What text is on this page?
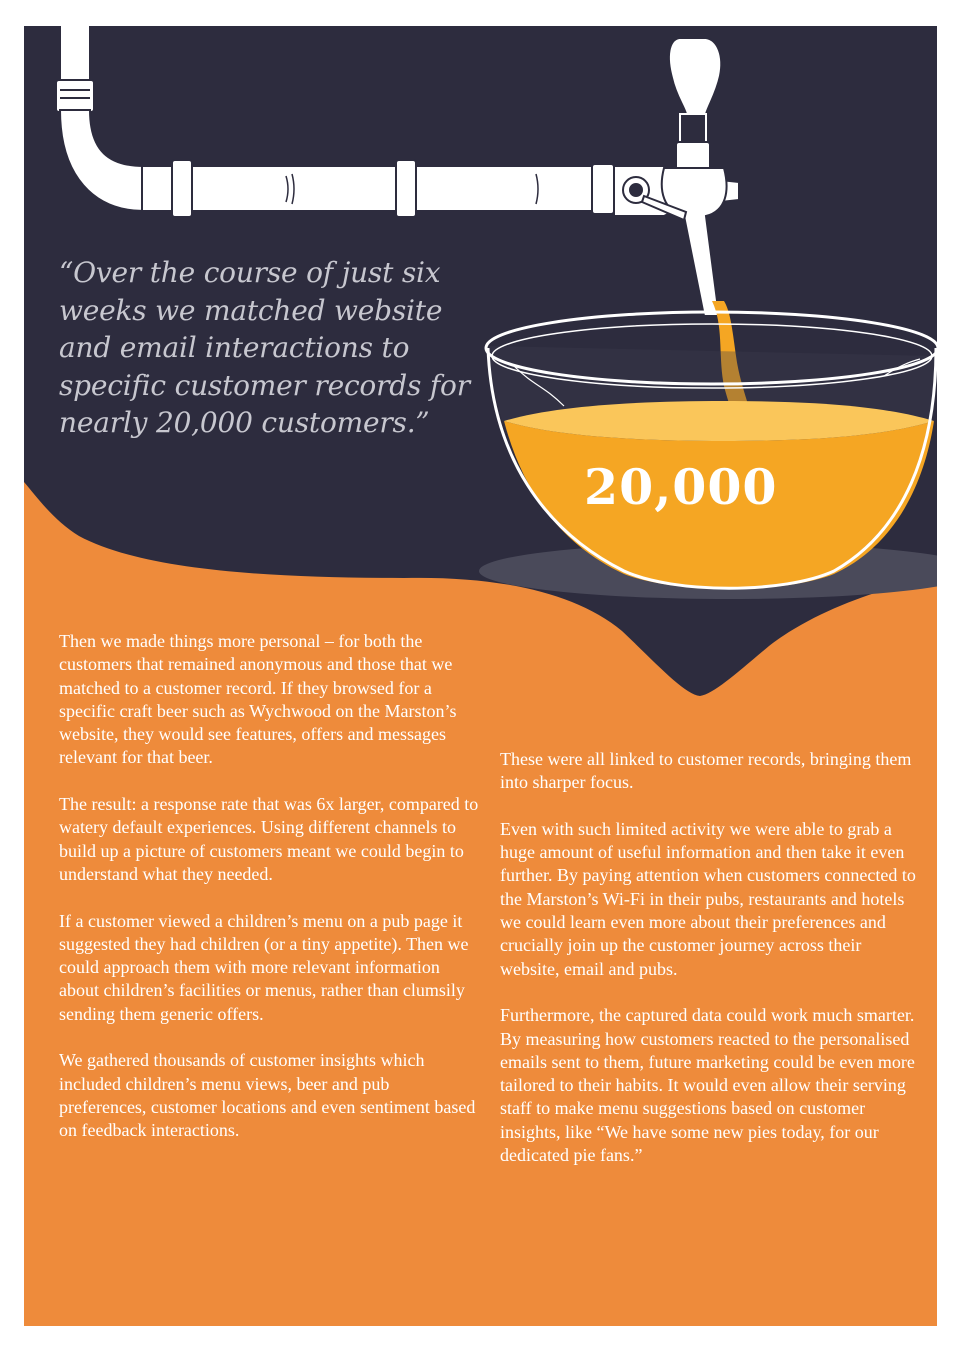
“Over the course of just six weeks we matched website and email interactions to specific customer records for nearly 20,000 customers.”
20,000

Then we made things more personal – for both the customers that remained anonymous and those that we matched to a customer record. If they browsed for a specific craft beer such as Wychwood on the Marston’s website, they would see features, offers and messages relevant for that beer.

The result: a response rate that was 6x larger, compared to watery default experiences. Using different channels to build up a picture of customers meant we could begin to understand what they needed.

If a customer viewed a children’s menu on a pub page it suggested they had children (or a tiny appetite). Then we could approach them with more relevant information about children’s facilities or menus, rather than clumsily sending them generic offers.

We gathered thousands of customer insights which included children’s menu views, beer and pub preferences, customer locations and even sentiment based on feedback interactions.

These were all linked to customer records, bringing them into sharper focus.

Even with such limited activity we were able to grab a huge amount of useful information and then take it even further. By paying attention when customers connected to the Marston’s Wi-Fi in their pubs, restaurants and hotels we could learn even more about their preferences and crucially join up the customer journey across their website, email and pubs.

Furthermore, the captured data could work much smarter. By measuring how customers reacted to the personalised emails sent to them, future marketing could be even more tailored to their habits. It would even allow their serving staff to make menu suggestions based on customer insights, like “We have some new pies today, for our dedicated pie fans.”
